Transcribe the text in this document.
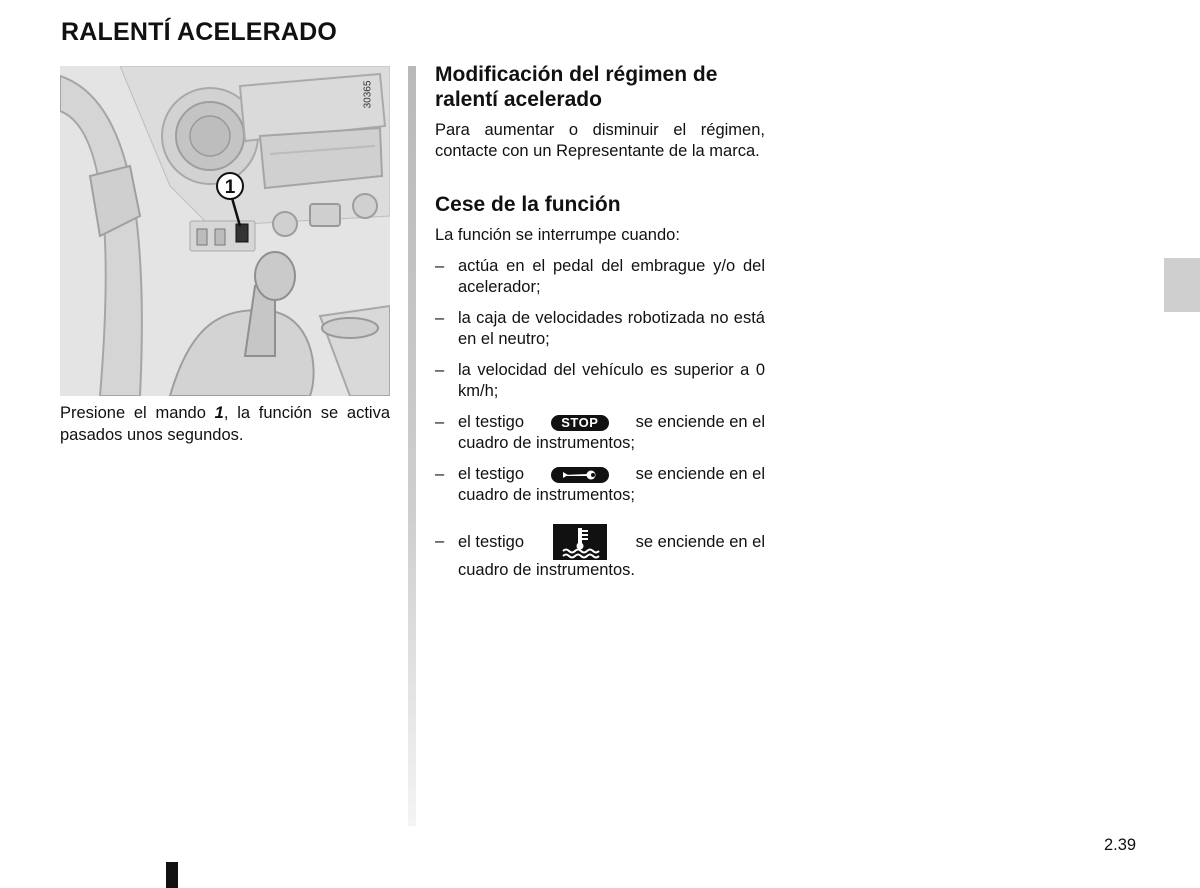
RALENTÍ ACELERADO
1
30365
Presione el mando 1, la función se activa pasados unos segundos.
Modificación del régimen de ralentí acelerado

Para aumentar o disminuir el régimen, contacte con un Representante de la marca.

Cese de la función

La función se interrumpe cuando:

– actúa en el pedal del embrague y/o del acelerador;
– la caja de velocidades robotizada no está en el neutro;
– la velocidad del vehículo es superior a 0 km/h;
– el testigo	STOP	se enciende en el
cuadro de instrumentos;
– el testigo	se enciende en el
cuadro de instrumentos;
– el testigo	se enciende en el
cuadro de instrumentos.
2.39
